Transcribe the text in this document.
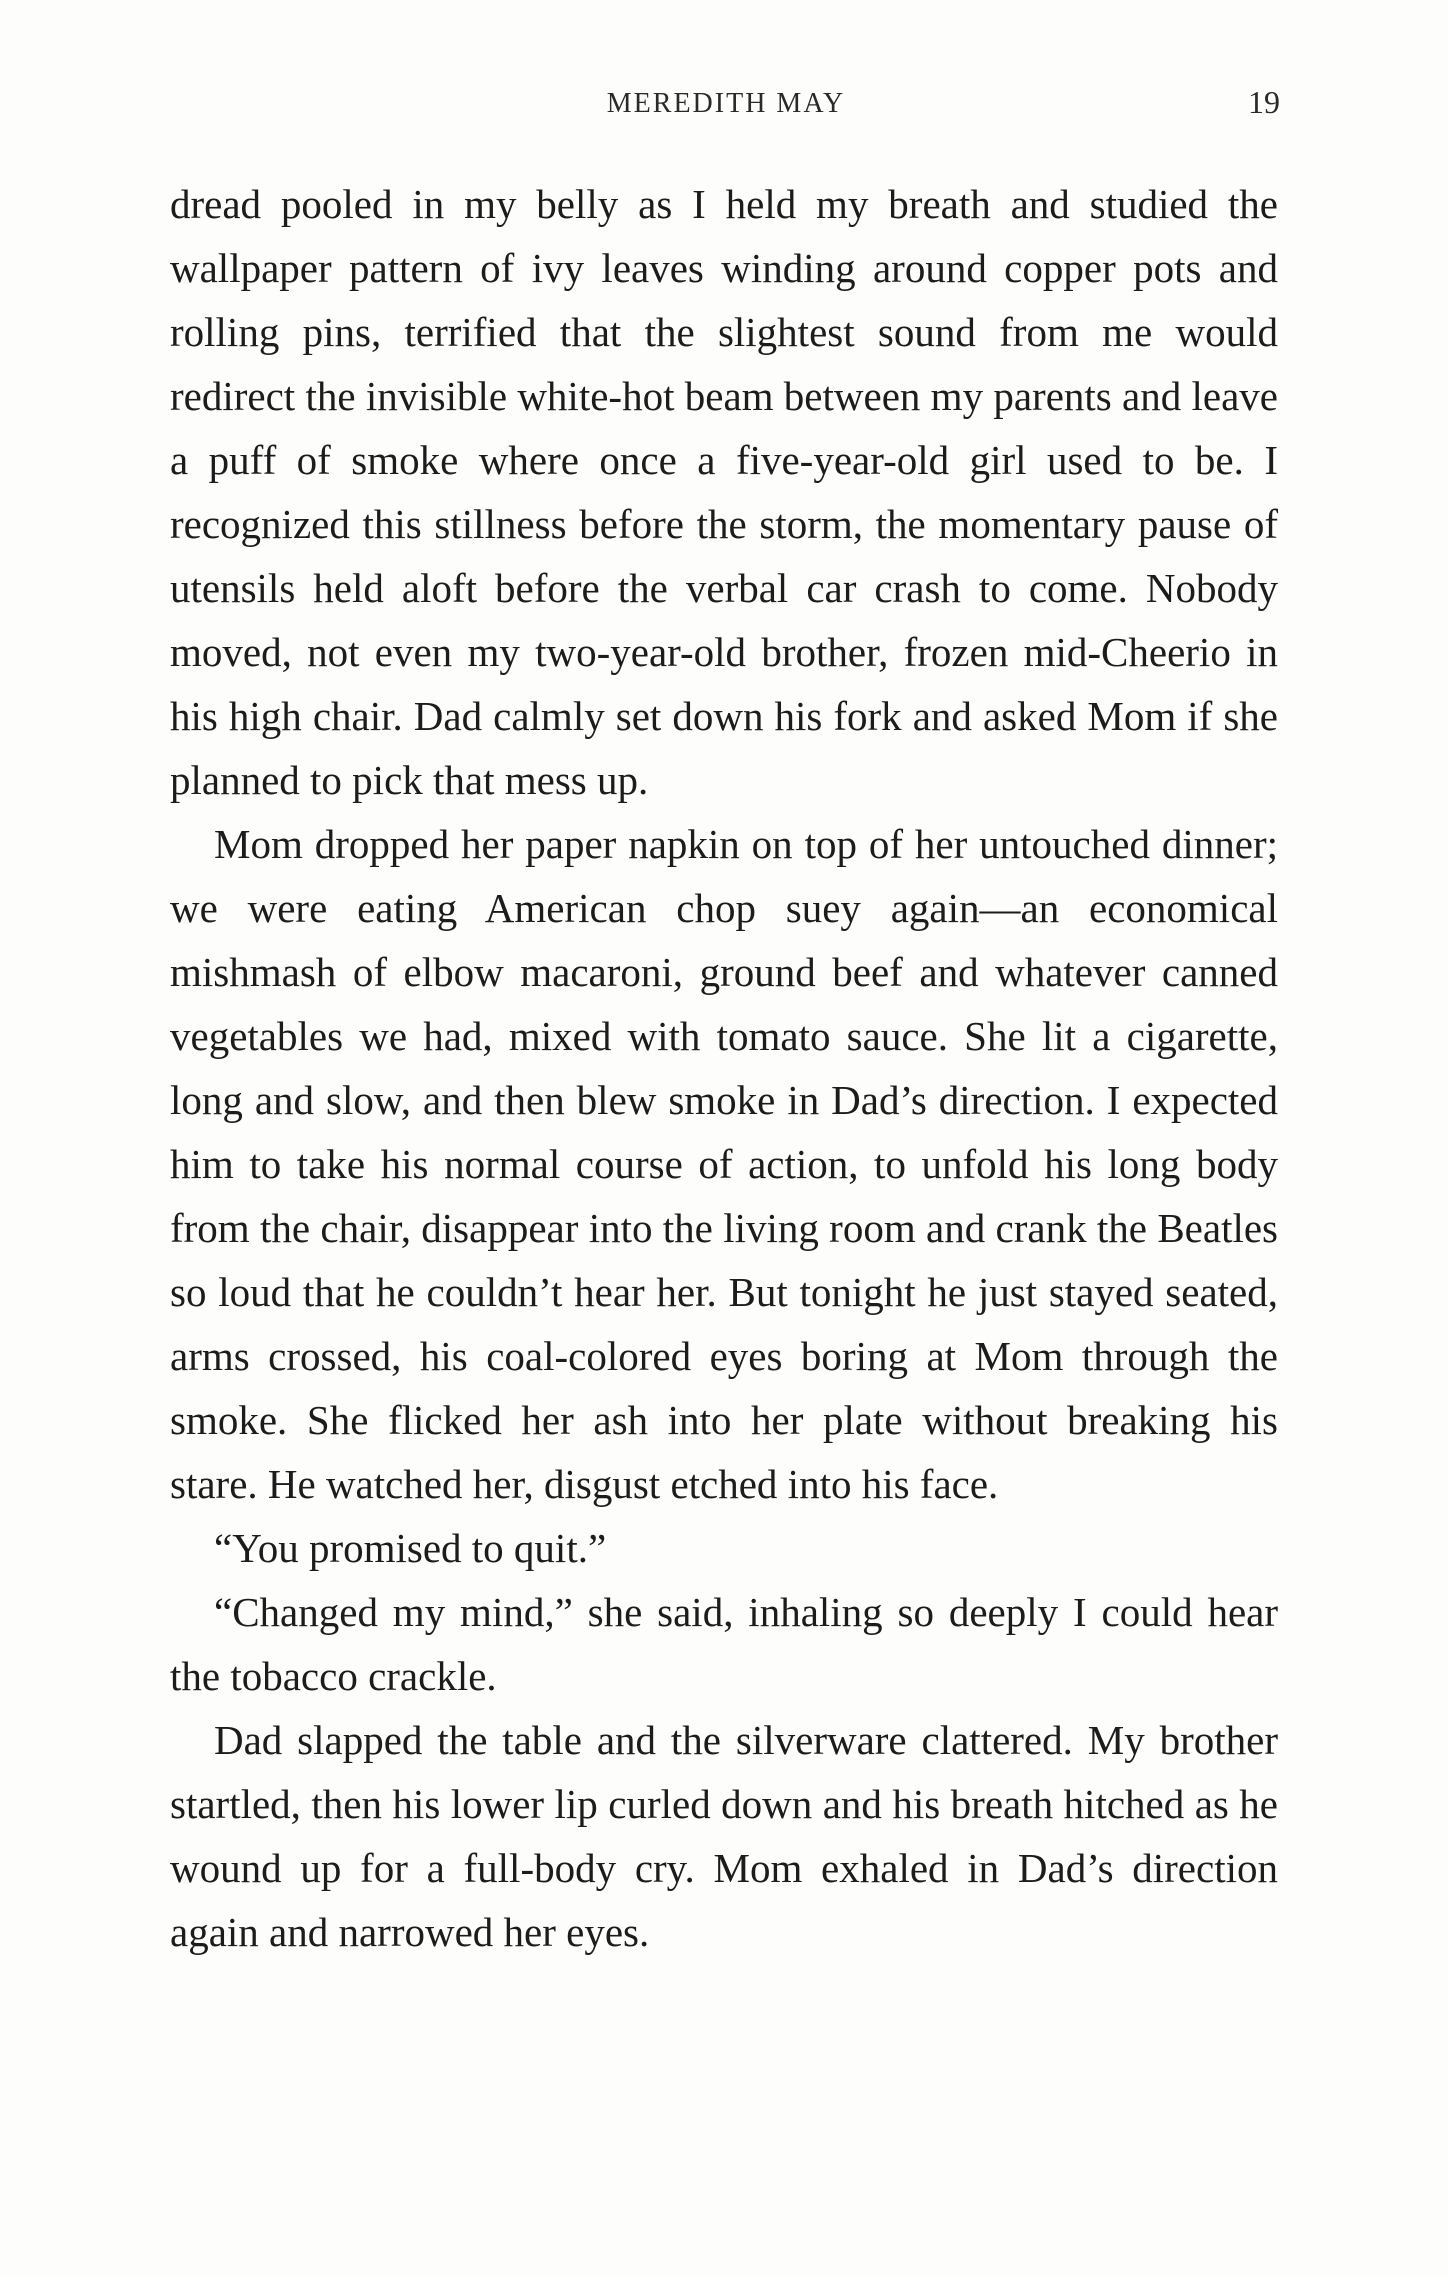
MEREDITH MAY	19

dread pooled in my belly as I held my breath and studied the wallpaper pattern of ivy leaves winding around copper pots and rolling pins, terrified that the slightest sound from me would redirect the invisible white-hot beam between my parents and leave a puff of smoke where once a five-year-old girl used to be. I recognized this stillness before the storm, the momentary pause of utensils held aloft before the verbal car crash to come. Nobody moved, not even my two-year-old brother, frozen mid-Cheerio in his high chair. Dad calmly set down his fork and asked Mom if she planned to pick that mess up.

Mom dropped her paper napkin on top of her untouched dinner; we were eating American chop suey again—an economical mishmash of elbow macaroni, ground beef and whatever canned vegetables we had, mixed with tomato sauce. She lit a cigarette, long and slow, and then blew smoke in Dad’s direction. I expected him to take his normal course of action, to unfold his long body from the chair, disappear into the living room and crank the Beatles so loud that he couldn’t hear her. But tonight he just stayed seated, arms crossed, his coal-colored eyes boring at Mom through the smoke. She flicked her ash into her plate without breaking his stare. He watched her, disgust etched into his face.

“You promised to quit.”

“Changed my mind,” she said, inhaling so deeply I could hear the tobacco crackle.

Dad slapped the table and the silverware clattered. My brother startled, then his lower lip curled down and his breath hitched as he wound up for a full-body cry. Mom exhaled in Dad’s direction again and narrowed her eyes.
